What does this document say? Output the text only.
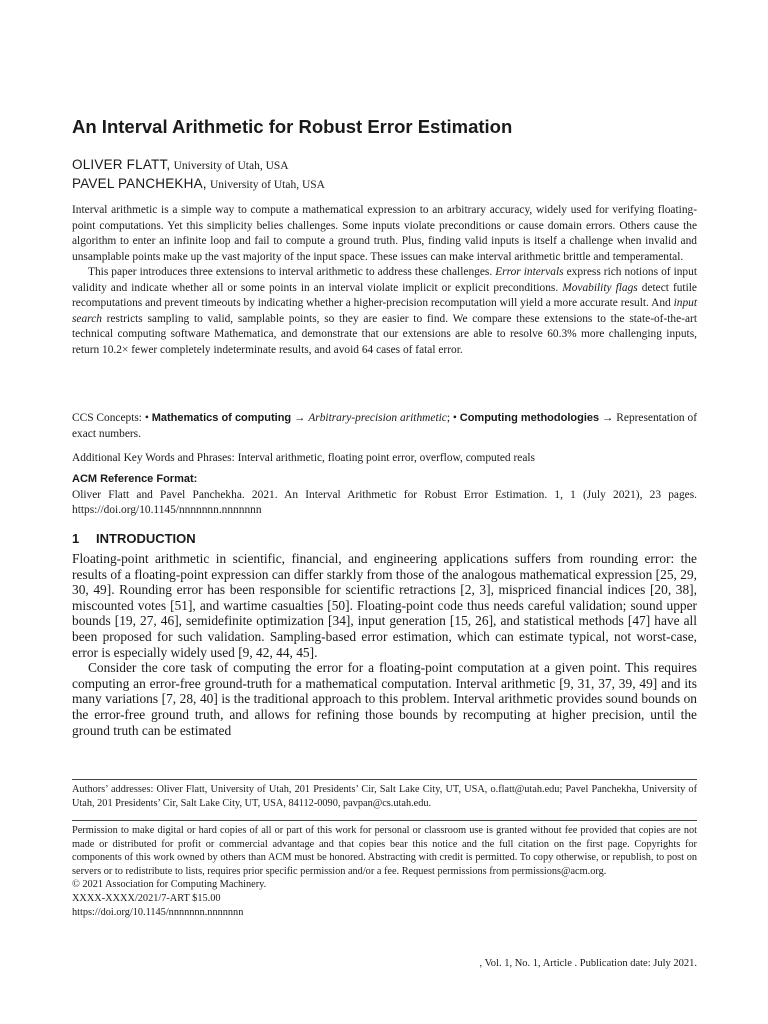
An Interval Arithmetic for Robust Error Estimation
OLIVER FLATT, University of Utah, USA
PAVEL PANCHEKHA, University of Utah, USA

Interval arithmetic is a simple way to compute a mathematical expression to an arbitrary accuracy, widely used for verifying floating-point computations. Yet this simplicity belies challenges. Some inputs violate preconditions or cause domain errors. Others cause the algorithm to enter an infinite loop and fail to compute a ground truth. Plus, finding valid inputs is itself a challenge when invalid and unsamplable points make up the vast majority of the input space. These issues can make interval arithmetic brittle and temperamental.

This paper introduces three extensions to interval arithmetic to address these challenges. Error intervals express rich notions of input validity and indicate whether all or some points in an interval violate implicit or explicit preconditions. Movability flags detect futile recomputations and prevent timeouts by indicating whether a higher-precision recomputation will yield a more accurate result. And input search restricts sampling to valid, samplable points, so they are easier to find. We compare these extensions to the state-of-the-art technical computing software Mathematica, and demonstrate that our extensions are able to resolve 60.3% more challenging inputs, return 10.2× fewer completely indeterminate results, and avoid 64 cases of fatal error.

CCS Concepts: • Mathematics of computing → Arbitrary-precision arithmetic; • Computing methodologies → Representation of exact numbers.
Additional Key Words and Phrases: Interval arithmetic, floating point error, overflow, computed reals
ACM Reference Format:
Oliver Flatt and Pavel Panchekha. 2021. An Interval Arithmetic for Robust Error Estimation. 1, 1 (July 2021), 23 pages. https://doi.org/10.1145/nnnnnnn.nnnnnnn
1 INTRODUCTION

Floating-point arithmetic in scientific, financial, and engineering applications suffers from rounding error: the results of a floating-point expression can differ starkly from those of the analogous mathematical expression [25, 29, 30, 49]. Rounding error has been responsible for scientific retractions [2, 3], mispriced financial indices [20, 38], miscounted votes [51], and wartime casualties [50]. Floating-point code thus needs careful validation; sound upper bounds [19, 27, 46], semidefinite optimization [34], input generation [15, 26], and statistical methods [47] have all been proposed for such validation. Sampling-based error estimation, which can estimate typical, not worst-case, error is especially widely used [9, 42, 44, 45].

Consider the core task of computing the error for a floating-point computation at a given point. This requires computing an error-free ground-truth for a mathematical computation. Interval arithmetic [9, 31, 37, 39, 49] and its many variations [7, 28, 40] is the traditional approach to this problem. Interval arithmetic provides sound bounds on the error-free ground truth, and allows for refining those bounds by recomputing at higher precision, until the ground truth can be estimated

Authors’ addresses: Oliver Flatt, University of Utah, 201 Presidents’ Cir, Salt Lake City, UT, USA, o.flatt@utah.edu; Pavel Panchekha, University of Utah, 201 Presidents’ Cir, Salt Lake City, UT, USA, 84112-0090, pavpan@cs.utah.edu.

Permission to make digital or hard copies of all or part of this work for personal or classroom use is granted without fee provided that copies are not made or distributed for profit or commercial advantage and that copies bear this notice and the full citation on the first page. Copyrights for components of this work owned by others than ACM must be honored. Abstracting with credit is permitted. To copy otherwise, or republish, to post on servers or to redistribute to lists, requires prior specific permission and/or a fee. Request permissions from permissions@acm.org.

© 2021 Association for Computing Machinery.

XXXX-XXXX/2021/7-ART $15.00

https://doi.org/10.1145/nnnnnnn.nnnnnnn

, Vol. 1, No. 1, Article . Publication date: July 2021.
